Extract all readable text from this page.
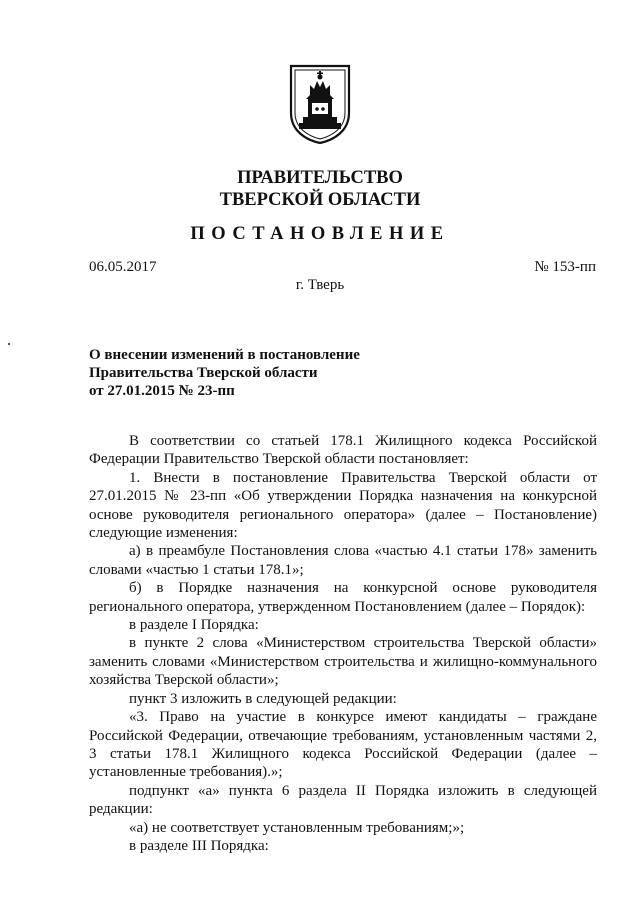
ПРАВИТЕЛЬСТВО
ТВЕРСКОЙ ОБЛАСТИ
ПОСТАНОВЛЕНИЕ
06.05.2017	№ 153-пп
г. Тверь
О внесении изменений в постановление
Правительства Тверской области
от 27.01.2015 № 23-пп

В соответствии со статьей 178.1 Жилищного кодекса Российской Федерации Правительство Тверской области постановляет:

1. Внести в постановление Правительства Тверской области от 27.01.2015 № 23-пп «Об утверждении Порядка назначения на конкурсной основе руководителя регионального оператора» (далее – Постановление) следующие изменения:

а) в преамбуле Постановления слова «частью 4.1 статьи 178» заменить словами «частью 1 статьи 178.1»;

б) в Порядке назначения на конкурсной основе руководителя регионального оператора, утвержденном Постановлением (далее – Порядок):

в разделе I Порядка:

в пункте 2 слова «Министерством строительства Тверской области» заменить словами «Министерством строительства и жилищно-коммунального хозяйства Тверской области»;

пункт 3 изложить в следующей редакции:

«3. Право на участие в конкурсе имеют кандидаты – граждане Российской Федерации, отвечающие требованиям, установленным частями 2, 3 статьи 178.1 Жилищного кодекса Российской Федерации (далее – установленные требования).»;

подпункт «а» пункта 6 раздела II Порядка изложить в следующей редакции:

«а) не соответствует установленным требованиям;»;

в разделе III Порядка:
